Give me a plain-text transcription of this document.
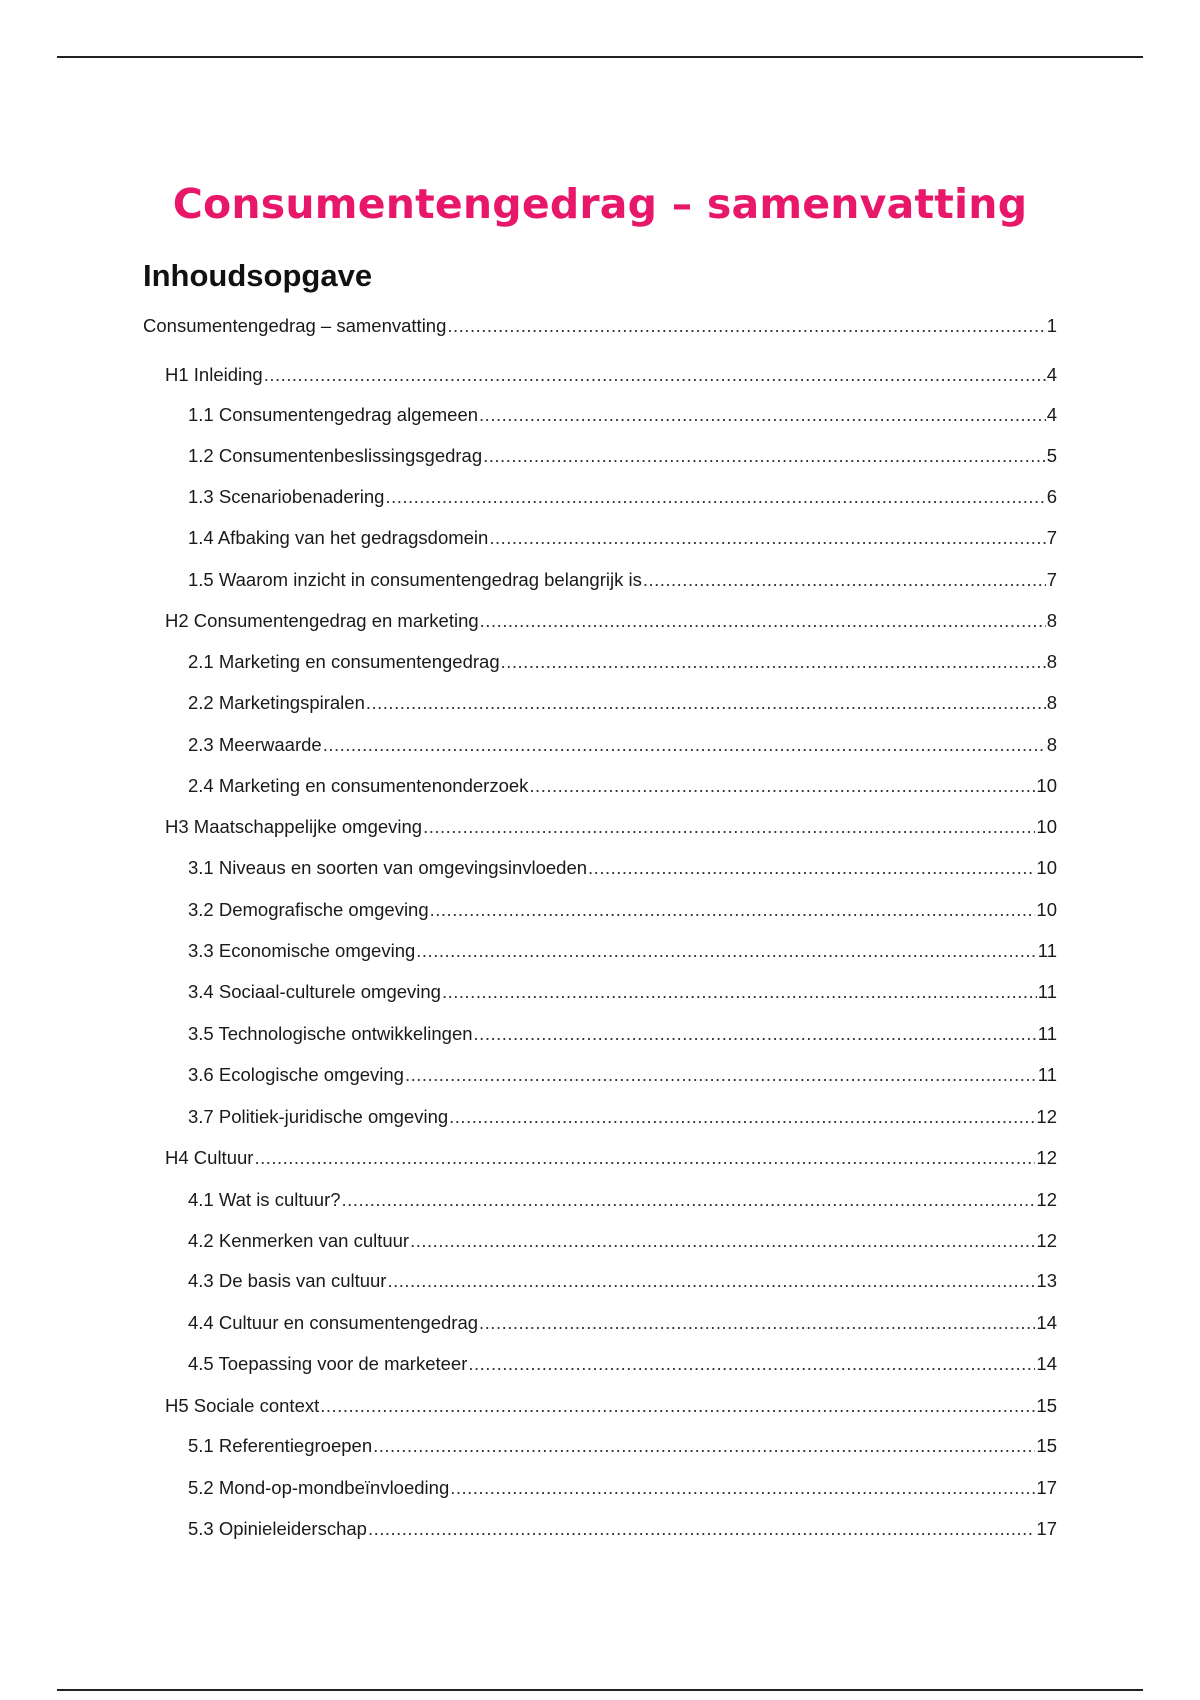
Consumentengedrag – samenvatting
Inhoudsopgave
Consumentengedrag – samenvatting .....	1
H1 Inleiding .....	4
1.1 Consumentengedrag algemeen .....	4
1.2 Consumentenbeslissingsgedrag .....	5
1.3 Scenariobenadering .....	6
1.4 Afbaking van het gedragsdomein .....	7
1.5 Waarom inzicht in consumentengedrag belangrijk is .....	7
H2 Consumentengedrag en marketing .....	8
2.1 Marketing en consumentengedrag .....	8
2.2 Marketingspiralen .....	8
2.3 Meerwaarde .....	8
2.4 Marketing en consumentenonderzoek .....	10
H3 Maatschappelijke omgeving .....	10
3.1 Niveaus en soorten van omgevingsinvloeden .....	10
3.2 Demografische omgeving .....	10
3.3 Economische omgeving .....	11
3.4 Sociaal-culturele omgeving .....	11
3.5 Technologische ontwikkelingen .....	11
3.6 Ecologische omgeving .....	11
3.7 Politiek-juridische omgeving .....	12
H4 Cultuur .....	12
4.1 Wat is cultuur? .....	12
4.2 Kenmerken van cultuur .....	12
4.3 De basis van cultuur .....	13
4.4 Cultuur en consumentengedrag .....	14
4.5 Toepassing voor de marketeer .....	14
H5 Sociale context .....	15
5.1 Referentiegroepen .....	15
5.2 Mond-op-mondbeïnvloeding .....	17
5.3 Opinieleiderschap .....	17
